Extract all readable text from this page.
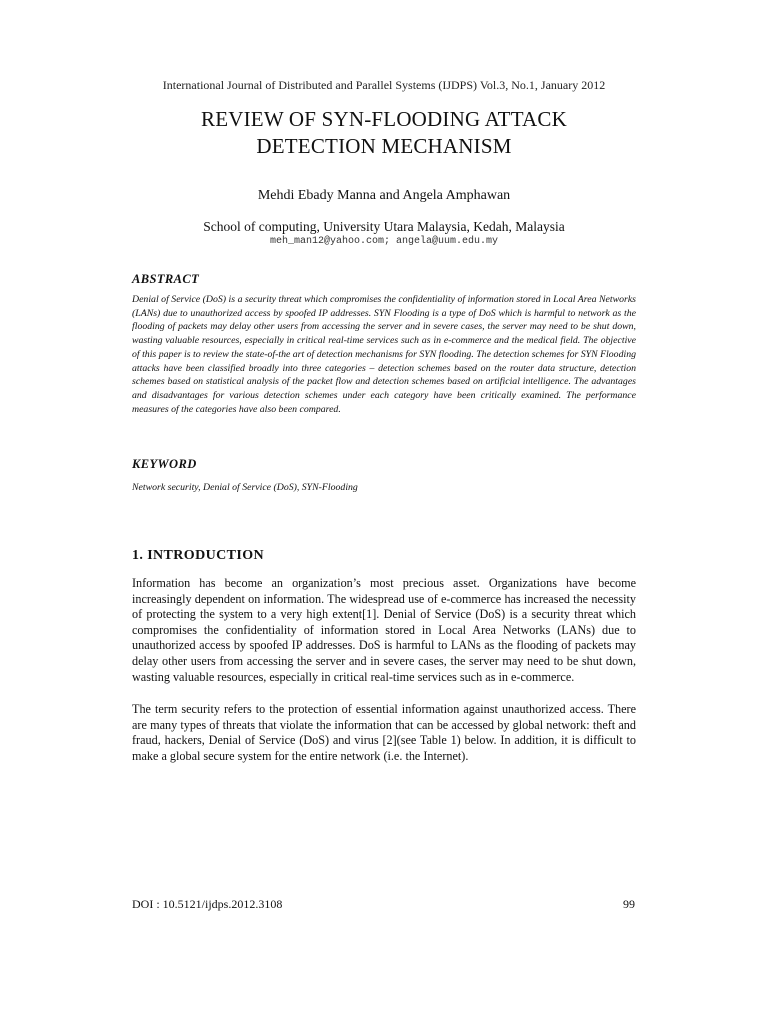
International Journal of Distributed and Parallel Systems (IJDPS) Vol.3, No.1, January 2012
REVIEW OF SYN-FLOODING ATTACK
DETECTION MECHANISM
Mehdi Ebady Manna and Angela Amphawan
School of computing, University Utara Malaysia, Kedah, Malaysia
meh_man12@yahoo.com; angela@uum.edu.my
ABSTRACT
Denial of Service (DoS) is a security threat which compromises the confidentiality of information stored in Local Area Networks (LANs) due to unauthorized access by spoofed IP addresses. SYN Flooding is a type of DoS which is harmful to network as the flooding of packets may delay other users from accessing the server and in severe cases, the server may need to be shut down, wasting valuable resources, especially in critical real-time services such as in e-commerce and the medical field. The objective of this paper is to review the state-of-the art of detection mechanisms for SYN flooding. The detection schemes for SYN Flooding attacks have been classified broadly into three categories – detection schemes based on the router data structure, detection schemes based on statistical analysis of the packet flow and detection schemes based on artificial intelligence. The advantages and disadvantages for various detection schemes under each category have been critically examined. The performance measures of the categories have also been compared.
KEYWORD
Network security, Denial of Service (DoS), SYN-Flooding
1. INTRODUCTION
Information has become an organization’s most precious asset. Organizations have become increasingly dependent on information. The widespread use of e-commerce has increased the necessity of protecting the system to a very high extent[1]. Denial of Service (DoS) is a security threat which compromises the confidentiality of information stored in Local Area Networks (LANs) due to unauthorized access by spoofed IP addresses. DoS is harmful to LANs as the flooding of packets may delay other users from accessing the server and in severe cases, the server may need to be shut down, wasting valuable resources, especially in critical real-time services such as in e-commerce.
The term security refers to the protection of essential information against unauthorized access. There are many types of threats that violate the information that can be accessed by global network: theft and fraud, hackers, Denial of Service (DoS) and virus [2](see Table 1) below. In addition, it is difficult to make a global secure system for the entire network (i.e. the Internet).
DOI : 10.5121/ijdps.2012.3108	99
